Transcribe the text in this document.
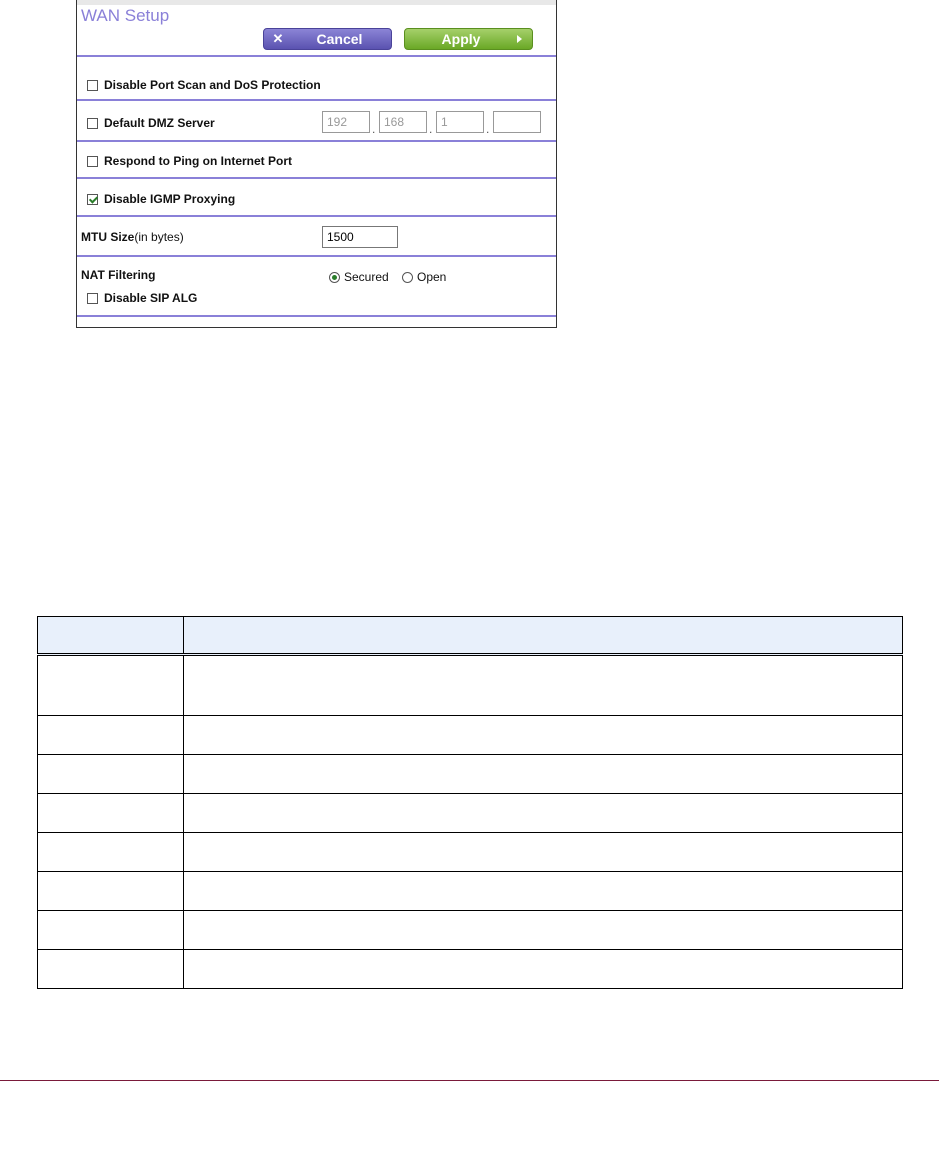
WAN Setup
✕	Cancel	Apply
Disable Port Scan and DoS Protection
Default DMZ Server	192	. 168	. 1	.
Respond to Ping on Internet Port
Disable IGMP Proxying
MTU Size (in bytes)	1500
NAT Filtering	Secured Open
Disable SIP ALG
